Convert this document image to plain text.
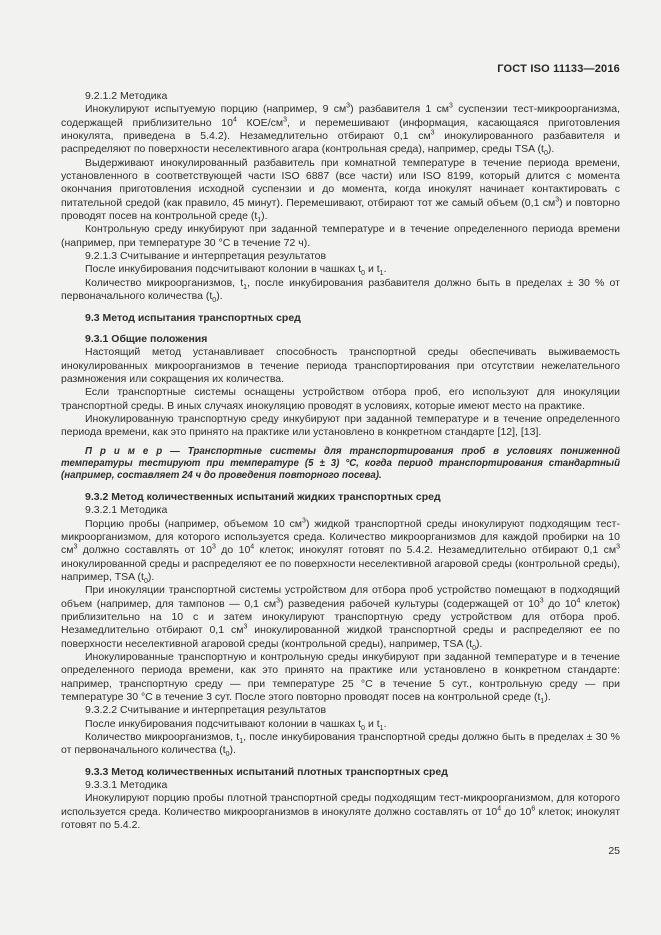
ГОСТ ISO 11133—2016

9.2.1.2 Методика

Инокулируют испытуемую порцию (например, 9 $см^3$) разбавителя 1 $см^3$ суспензии тест-микроорганизма, содержащей приблизительно $10^4$ КОЕ/$см^3$, и перемешивают (информация, касающаяся приготовления инокулята, приведена в 5.4.2). Незамедлительно отбирают 0,1 $см^3$ инокулированного разбавителя и распределяют по поверхности неселективного агара (контрольная среда), например, среды TSA $(t_0)$.

Выдерживают инокулированный разбавитель при комнатной температуре в течение периода времени, установленного в соответствующей части ISO 6887 (все части) или ISO 8199, который длится с момента окончания приготовления исходной суспензии и до момента, когда инокулят начинает контактировать с питательной средой (как правило, 45 минут). Перемешивают, отбирают тот же самый объем (0,1 $см^3$) и повторно проводят посев на контрольной среде $(t_1)$.

Контрольную среду инкубируют при заданной температуре и в течение определенного периода времени (например, при температуре 30 °С в течение 72 ч).

9.2.1.3 Считывание и интерпретация результатов

После инкубирования подсчитывают колонии в чашках $t_0$ и $t_1$.

Количество микроорганизмов, $t_1$, после инкубирования разбавителя должно быть в пределах ± 30 % от первоначального количества $(t_0)$.

9.3 Метод испытания транспортных сред

9.3.1 Общие положения

Настоящий метод устанавливает способность транспортной среды обеспечивать выживаемость инокулированных микроорганизмов в течение периода транспортирования при отсутствии нежелательного размножения или сокращения их количества.

Если транспортные системы оснащены устройством отбора проб, его используют для инокуляции транспортной среды. В иных случаях инокуляцию проводят в условиях, которые имеют место на практике.

Инокулированную транспортную среду инкубируют при заданной температуре и в течение определенного периода времени, как это принято на практике или установлено в конкретном стандарте [12], [13].

П р и м е р — Транспортные системы для транспортирования проб в условиях пониженной температуры тестируют при температуре (5 ± 3) °С, когда период транспортирования стандартный (например, составляет 24 ч до проведения повторного посева).

9.3.2 Метод количественных испытаний жидких транспортных сред

9.3.2.1 Методика

Порцию пробы (например, объемом 10 $см^3$) жидкой транспортной среды инокулируют подходящим тест-микроорганизмом, для которого используется среда. Количество микроорганизмов для каждой пробирки на 10 $см^3$ должно составлять от $10^3$ до $10^4$ клеток; инокулят готовят по 5.4.2. Незамедлительно отбирают 0,1 $см^3$ инокулированной среды и распределяют ее по поверхности неселективной агаровой среды (контрольной среды), например, TSA $(t_0)$.

При инокуляции транспортной системы устройством для отбора проб устройство помещают в подходящий объем (например, для тампонов — 0,1 $см^3$) разведения рабочей культуры (содержащей от $10^3$ до $10^4$ клеток) приблизительно на 10 с и затем инокулируют транспортную среду устройством для отбора проб. Незамедлительно отбирают 0,1 $см^3$ инокулированной жидкой транспортной среды и распределяют ее по поверхности неселективной агаровой среды (контрольной среды), например, TSA $(t_0)$.

Инокулированные транспортную и контрольную среды инкубируют при заданной температуре и в течение определенного периода времени, как это принято на практике или установлено в конкретном стандарте: например, транспортную среду — при температуре 25 °С в течение 5 сут., контрольную среду — при температуре 30 °С в течение 3 сут. После этого повторно проводят посев на контрольной среде $(t_1)$.

9.3.2.2 Считывание и интерпретация результатов

После инкубирования подсчитывают колонии в чашках $t_0$ и $t_1$.

Количество микроорганизмов, $t_1$, после инкубирования транспортной среды должно быть в пределах ± 30 % от первоначального количества $(t_0)$.

9.3.3 Метод количественных испытаний плотных транспортных сред

9.3.3.1 Методика

Инокулируют порцию пробы плотной транспортной среды подходящим тест-микроорганизмом, для которого используется среда. Количество микроорганизмов в инокуляте должно составлять от $10^4$ до $10^6$ клеток; инокулят готовят по 5.4.2.

25
